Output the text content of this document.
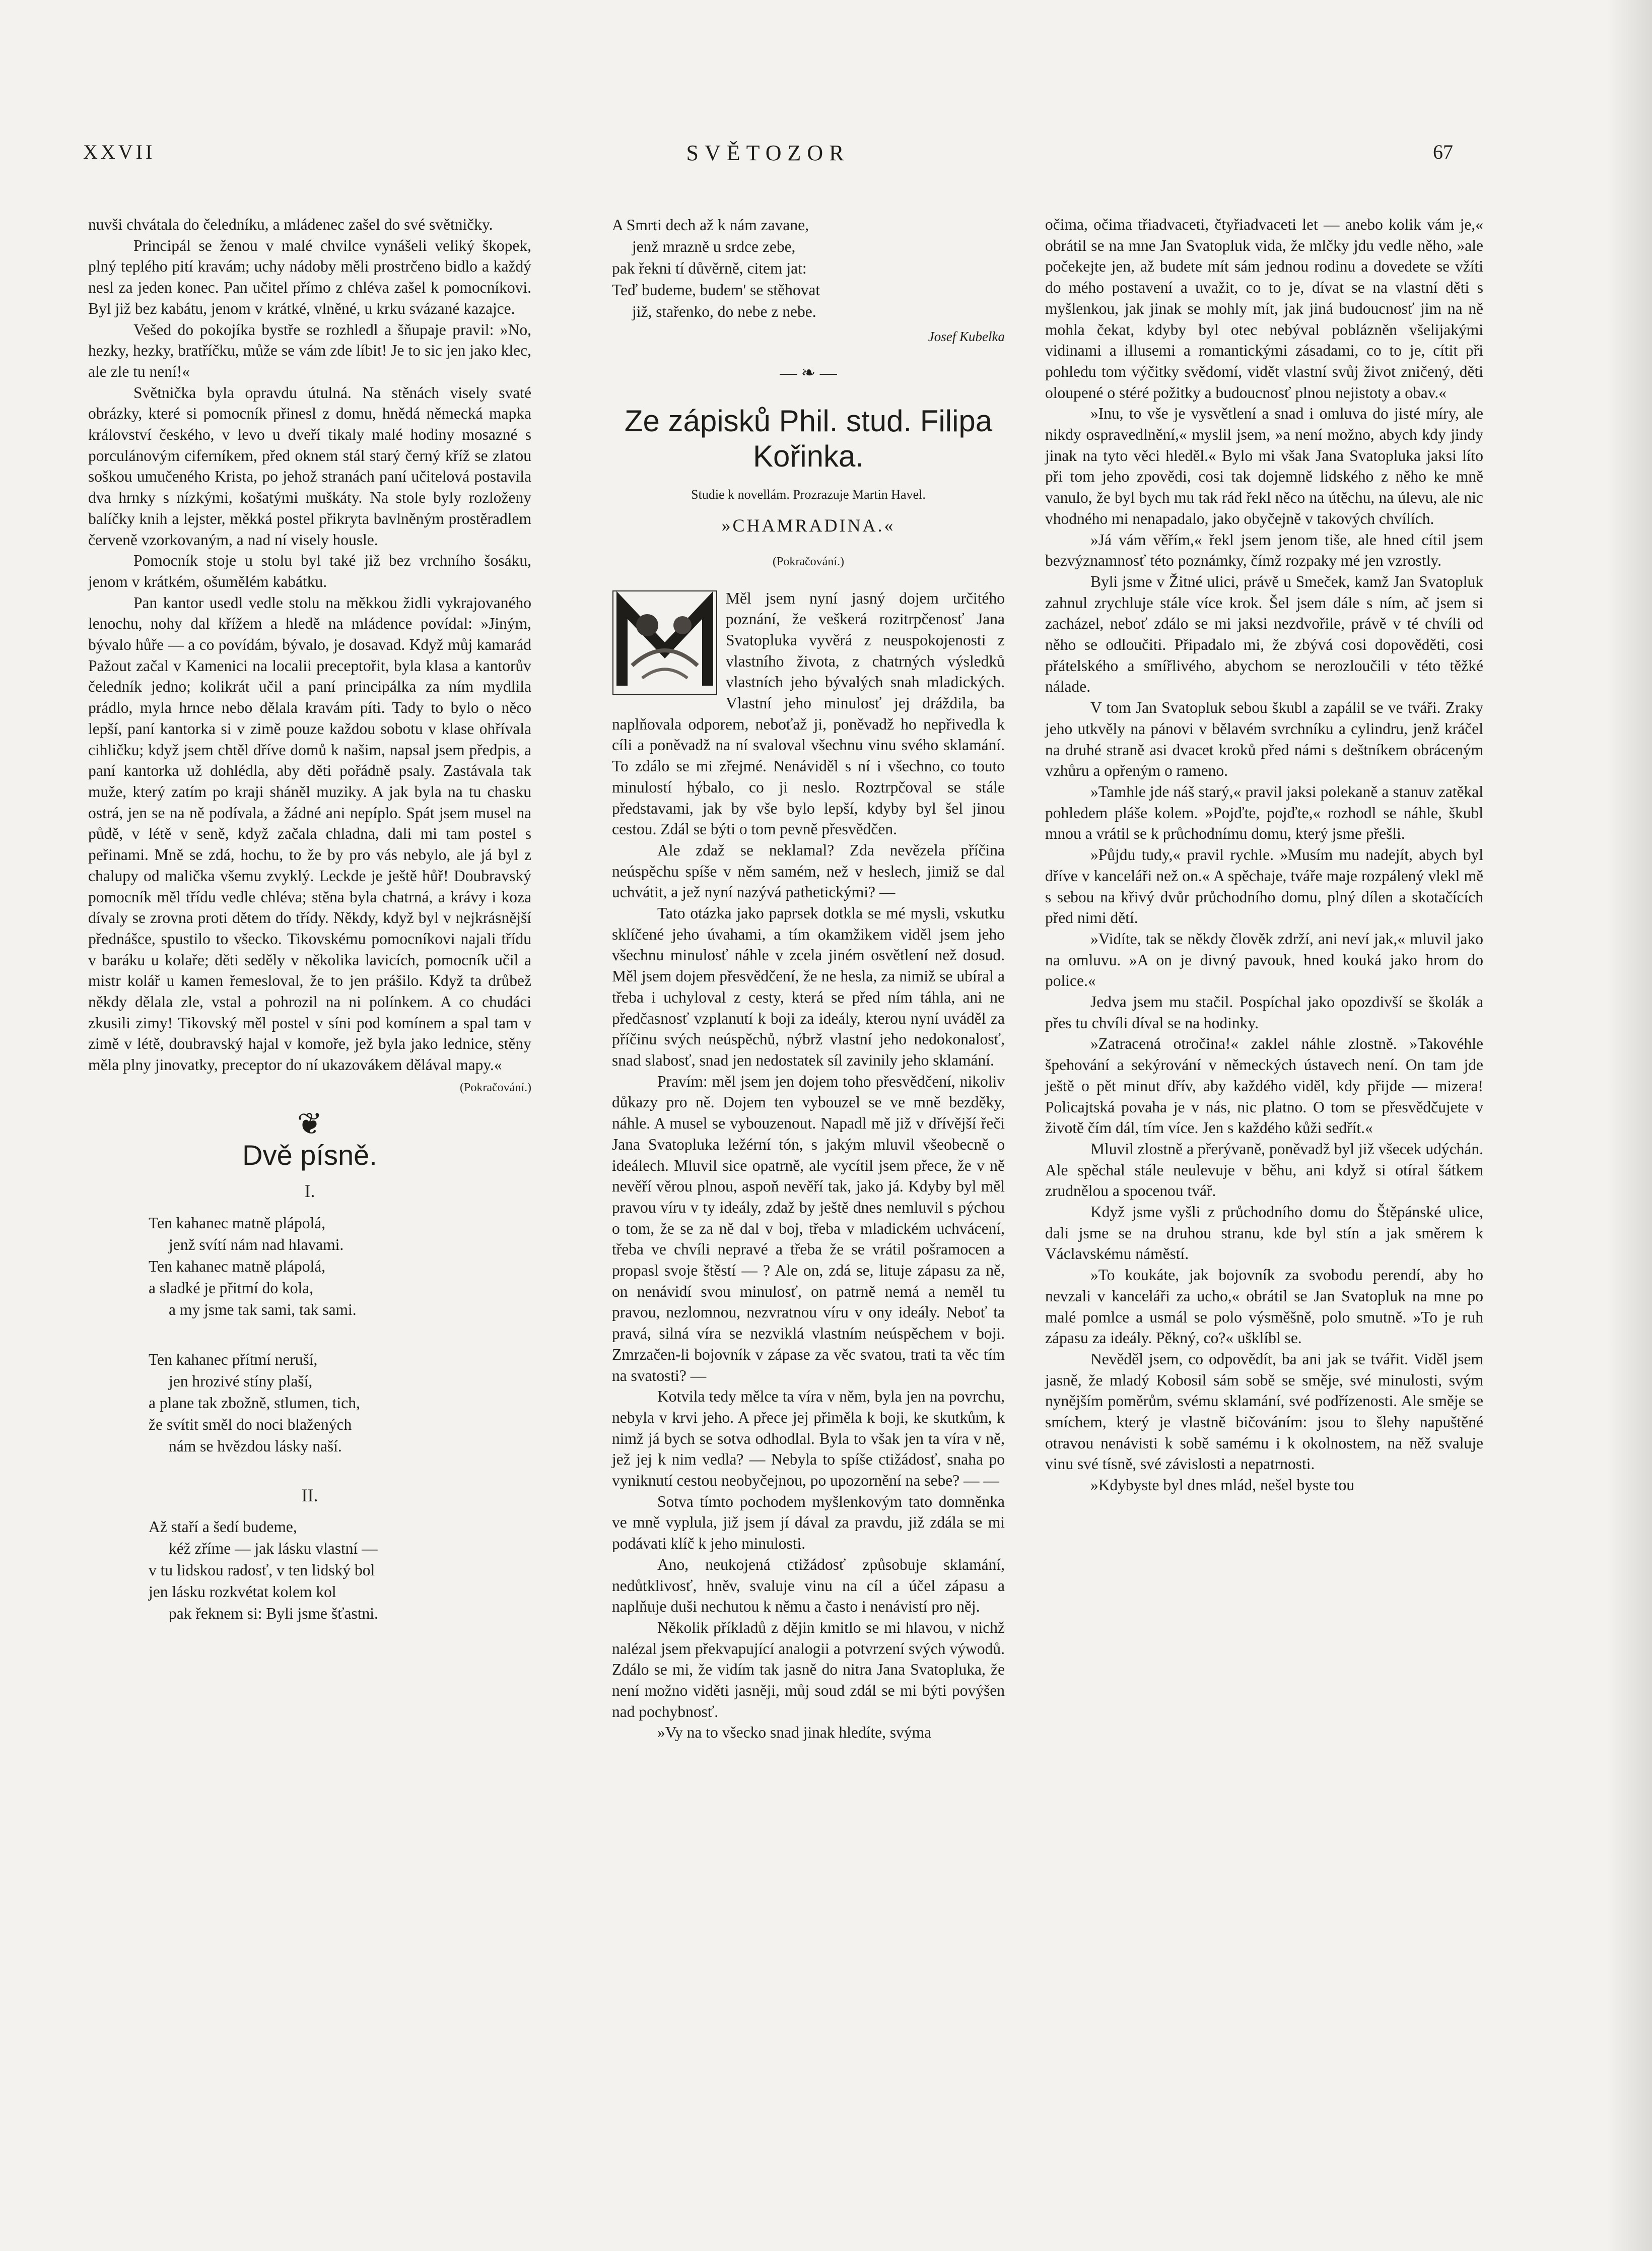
XXVII	SVĚTOZOR	67

nuvši chvátala do čeledníku, a mládenec zašel do své světničky.

Principál se ženou v malé chvilce vynášeli veliký škopek, plný teplého pití kravám; uchy nádoby měli prostrčeno bidlo a každý nesl za jeden konec. Pan učitel přímo z chléva zašel k pomocníkovi. Byl již bez kabátu, jenom v krátké, vlněné, u krku svázané kazajce.

Vešed do pokojíka bystře se rozhledl a šňupaje pravil: »No, hezky, hezky, bratříčku, může se vám zde líbit! Je to sic jen jako klec, ale zle tu není!«

Světnička byla opravdu útulná. Na stěnách visely svaté obrázky, které si pomocník přinesl z domu, hnědá německá mapka království českého, v levo u dveří tikaly malé hodiny mosazné s porculánovým ciferníkem, před oknem stál starý černý kříž se zlatou soškou umučeného Krista, po jehož stranách paní učitelová postavila dva hrnky s nízkými, košatými muškáty. Na stole byly rozloženy balíčky knih a lejster, měkká postel přikryta bavlněným prostěradlem červeně vzorkovaným, a nad ní visely housle.

Pomocník stoje u stolu byl také již bez vrchního šosáku, jenom v krátkém, ošumělém kabátku.

Pan kantor usedl vedle stolu na měkkou židli vykrajovaného lenochu, nohy dal křížem a hledě na mládence povídal: »Jiným, bývalo hůře — a co povídám, bývalo, je dosavad. Když můj kamarád Pažout začal v Kamenici na localii preceptořit, byla klasa a kantorův čeledník jedno; kolikrát učil a paní principálka za ním mydlila prádlo, myla hrnce nebo dělala kravám píti. Tady to bylo o něco lepší, paní kantorka si v zimě pouze každou sobotu v klase ohřívala cihličku; když jsem chtěl dříve domů k našim, napsal jsem předpis, a paní kantorka už dohlédla, aby děti pořádně psaly. Zastávala tak muže, který zatím po kraji sháněl muziky. A jak byla na tu chasku ostrá, jen se na ně podívala, a žádné ani nepíplo. Spát jsem musel na půdě, v létě v seně, když začala chladna, dali mi tam postel s peřinami. Mně se zdá, hochu, to že by pro vás nebylo, ale já byl z chalupy od malička všemu zvyklý. Leckde je ještě hůř! Doubravský pomocník měl třídu vedle chlévа; stěna byla chatrná, a krávy i koza dívaly se zrovna proti dětem do třídy. Někdy, když byl v nejkrásnější přednášce, spustilo to všecko. Tikovskému pomocníkovi najali třídu v baráku u kolaře; děti seděly v několika lavicích, pomocník učil a mistr kolář u kamen řemesloval, že to jen prášilo. Když ta drůbež někdy dělala zle, vstal a pohrozil na ni polínkem. A co chudáci zkusili zimy! Tikovský měl postel v síni pod komínem a spal tam v zimě v létě, doubravský hajal v komoře, jež byla jako lednice, stěny měla plny jinovatky, preceptor do ní ukazovákem dělával mapy.«

(Pokračování.)

❦
Dvě písně.
I.
Ten kahanec matně plápolá,
jenž svítí nám nad hlavami.
Ten kahanec matně plápolá,
a sladké je přitmí do kola,
a my jsme tak sami, tak sami.
Ten kahanec přítmí neruší,
jen hrozivé stíny plaší,
a plane tak zbožně, stlumen, tich,
že svítit směl do noci blažených
nám se hvězdou lásky naší.
II.
Až staří a šedí budeme,
kéž zříme — jak lásku vlastní —
v tu lidskou radosť, v ten lidský bol
jen lásku rozkvétat kolem kol
pak řeknem si: Byli jsme šťastni.
A Smrti dech až k nám zavane,
jenž mrazně u srdce zebe,
pak řekni tí důvěrně, citem jat:
Teď budeme, budem' se stěhovat
již, stařenko, do nebe z nebe.
Josef Kubelka
— ❧ —
Ze zápisků Phil. stud. Filipa Kořinka.
Studie k novellám. Prozrazuje Martin Havel.
»CHAMRADINA.«
(Pokračování.)

Měl jsem nyní jasný dojem určitého poznání, že veškerá rozitrpčenosť Jana Svatopluka vyvěrá z neuspokojenosti z vlastního života, z chatrných výsledků vlastních jeho bývalých snah mladických. Vlastní jeho minulosť jej dráždila, ba naplňovala odporem, neboťaž ji, poněvadž ho nepřivedla k cíli a poněvadž na ní svaloval všechnu vinu svého sklamání. To zdálo se mi zřejmé. Nenáviděl s ní i všechno, co touto minulostí hýbalo, co ji neslo. Roztrpčoval se stále představami, jak by vše bylo lepší, kdyby byl šel jinou cestou. Zdál se býti o tom pevně přesvědčen.

Ale zdaž se neklamal? Zda nevězela příčina neúspěchu spíše v něm samém, než v heslech, jimiž se dal uchvátit, a jež nyní nazývá pathetickými? —

Tato otázka jako paprsek dotkla se mé mysli, vskutku sklíčené jeho úvahami, a tím okamžikem viděl jsem jeho všechnu minulosť náhle v zcela jiném osvětlení než dosud. Měl jsem dojem přesvědčení, že ne hesla, za nimiž se ubíral a třeba i uchyloval z cesty, která se před ním táhla, ani ne předčasnosť vzplanutí k boji za ideály, kterou nyní uváděl za příčinu svých neúspěchů, nýbrž vlastní jeho nedokonalosť, snad slabosť, snad jen nedostatek síl zavinily jeho sklamání.

Pravím: měl jsem jen dojem toho přesvědčení, nikoliv důkazy pro ně. Dojem ten vybouzel se ve mně bezděky, náhle. A musel se vybouzenout. Napadl mě již v dřívější řeči Jana Svatopluka ležérní tón, s jakým mluvil všeobecně o ideálech. Mluvil sice opatrně, ale vycítil jsem přece, že v ně nevěří věrou plnou, aspoň nevěří tak, jako já. Kdyby byl měl pravou víru v ty ideály, zdaž by ještě dnes nemluvil s pýchou o tom, že se za ně dal v boj, třeba v mladickém uchvácení, třeba ve chvíli nepravé a třeba že se vrátil pošramocen a propasl svoje štěstí — ? Ale on, zdá se, lituje zápasu za ně, on nenávidí svou minulosť, on patrně nemá a neměl tu pravou, nezlomnou, nezvratnou víru v ony ideály. Neboť ta pravá, silná víra se nezviklá vlastním neúspěchem v boji. Zmrzačen-li bojovník v zápase za věc svatou, trati ta věc tím na svatosti? —

Kotvila tedy mělce ta víra v něm, byla jen na povrchu, nebyla v krvi jeho. A přece jej přiměla k boji, ke skutkům, k nimž já bych se sotva odhodlal. Byla to však jen ta víra v ně, jež jej k nim vedla? — Nebyla to spíše ctižádosť, snaha po vyniknutí cestou neobyčejnou, po upozornění na sebe? — —

Sotva tímto pochodem myšlenkovým tato domněnka ve mně vyplula, již jsem jí dával za pravdu, již zdála se mi podávati klíč k jeho minulosti.

Ano, neukojená ctižádosť způsobuje sklamání, nedůtklivosť, hněv, svaluje vinu na cíl a účel zápasu a naplňuje duši nechutou k němu a často i nenávistí pro něj.

Několik příkladů z dějin kmitlo se mi hlavou, v nichž nalézal jsem překvapující analogii a potvrzení svých výwodů. Zdálo se mi, že vidím tak jasně do nitra Jana Svatopluka, že není možno viděti jasněji, můj soud zdál se mi býti povýšen nad pochybnosť.

»Vy na to všecko snad jinak hledíte, svýma

očima, očima třiadvaceti, čtyřiadvaceti let — anebo kolik vám je,« obrátil se na mne Jan Svatopluk vida, že mlčky jdu vedle něho, »ale počekejte jen, až budete mít sám jednou rodinu a dovedete se vžíti do mého postavení a uvažit, co to je, dívat se na vlastní děti s myšlenkou, jak jinak se mohly mít, jak jiná budoucnosť jim na ně mohla čekat, kdyby byl otec nebýval poblázněn všelijakými vidinami a illusemi a romantickými zásadami, co to je, cítit při pohledu tom výčitky svědomí, vidět vlastní svůj život zničený, děti oloupené o stéré požitky a budoucnosť plnou nejistoty a obav.«

»Inu, to vše je vysvětlení a snad i omluva do jisté míry, ale nikdy ospravedlnění,« myslil jsem, »a není možno, abych kdy jindy jinak na tyto věci hleděl.« Bylo mi však Jana Svatopluka jaksi líto při tom jeho zpovědi, cosi tak dojemně lidského z něho ke mně vanulo, že byl bych mu tak rád řekl něco na útěchu, na úlevu, ale nic vhodného mi nenapadalo, jako obyčejně v takových chvílích.

»Já vám věřím,« řekl jsem jenom tiše, ale hned cítil jsem bezvýznamnosť této poznámky, čímž rozpaky mé jen vzrostly.

Byli jsme v Žitné ulici, právě u Smeček, kamž Jan Svatopluk zahnul zrychluje stále více krok. Šel jsem dále s ním, ač jsem si zacházel, neboť zdálo se mi jaksi nezdvořile, právě v té chvíli od něho se odloučiti. Připadalo mi, že zbývá cosi dopověděti, cosi přátelského a smířlivého, abychom se nerozloučili v této těžké nálade.

V tom Jan Svatopluk sebou škubl a zapálil se ve tváři. Zraky jeho utkvěly na pánovi v bělavém svrchníku a cylindru, jenž kráčel na druhé straně asi dvacet kroků před námi s deštníkem obráceným vzhůru a opřeným o rameno.

»Tamhle jde náš starý,« pravil jaksi polekaně a stanuv zatěkal pohledem pláše kolem. »Pojďte, pojďte,« rozhodl se náhle, škubl mnou a vrátil se k průchodnímu domu, který jsme přešli.

»Půjdu tudy,« pravil rychle. »Musím mu nadejít, abych byl dříve v kanceláři než on.« A spěchaje, tváře maje rozpálený vlekl mě s sebou na křivý dvůr průchodního domu, plný dílen a skotačících před nimi dětí.

»Vidíte, tak se někdy člověk zdrží, ani neví jak,« mluvil jako na omluvu. »A on je divný pavouk, hned kouká jako hrom do police.«

Jedva jsem mu stačil. Pospíchal jako opozdivší se školák a přes tu chvíli díval se na hodinky.

»Zatracená otročina!« zaklel náhle zlostně. »Takovéhle špehování a sekýrování v německých ústavech není. On tam jde ještě o pět minut dřív, aby každého viděl, kdy přijde — mizera! Policajtská povaha je v nás, nic platno. O tom se přesvědčujete v životě čím dál, tím více. Jen s každého kůži sedřít.«

Mluvil zlostně a přerývaně, poněvadž byl již všecek udýchán. Ale spěchal stále neulevuje v běhu, ani když si otíral šátkem zrudnělou a spocenou tvář.

Když jsme vyšli z průchodního domu do Štěpánské ulice, dali jsme se na druhou stranu, kde byl stín a jak směrem k Václavskému náměstí.

»To koukáte, jak bojovník za svobodu perendí, aby ho nevzali v kanceláři za ucho,« obrátil se Jan Svatopluk na mne po malé pomlce a usmál se polo výsměšně, polo smutně. »To je ruh zápasu za ideály. Pěkný, co?« ušklíbl se.

Nevěděl jsem, co odpovědít, ba ani jak se tvářit. Viděl jsem jasně, že mladý Kobosil sám sobě se směje, své minulosti, svým nynějším poměrům, svému sklamání, své podřízenosti. Ale smějе se smíchem, který je vlastně bičováním: jsou to šlehy napuštěné otravou nenávisti k sobě samému i k okolnostem, na něž svaluje vinu své tísně, své závislosti a nepatrnosti.

»Kdybyste byl dnes mlád, nešel byste tou
